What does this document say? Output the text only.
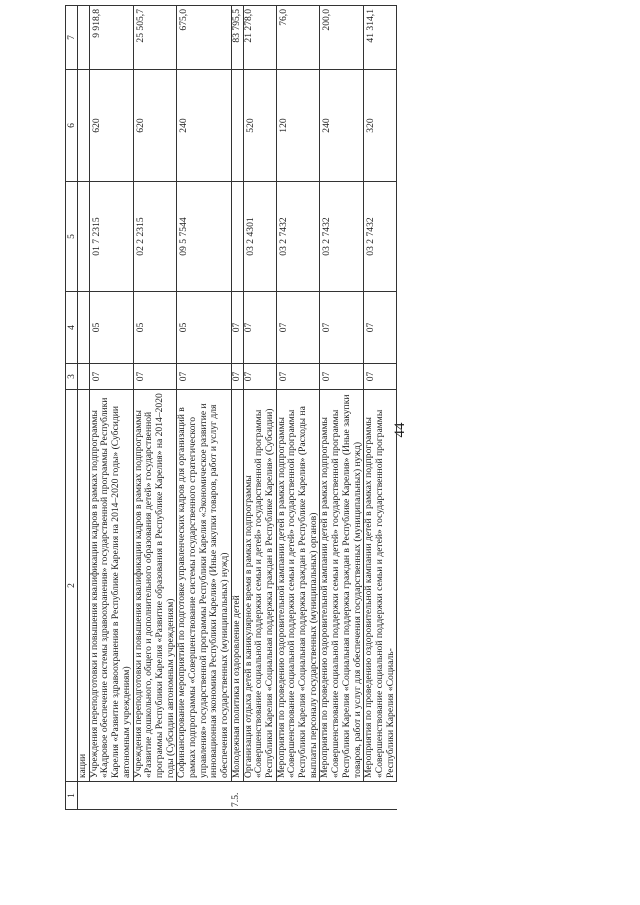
44
1	2	3	4	5	6	7
	кации					
	Учреждения переподготовки и повышения квалификации кадров в рамках подпрограммы «Кадровое обеспечение системы здравоохранения» государственной программы Республики Карелия «Развитие здравоохранения в Республике Карелия на 2014–2020 годы» (Субсидии автономным учреждениям)	07	05	01 7 2315	620	9 918,8
	Учреждения переподготовки и повышения квалификации кадров в рамках подпрограммы «Развитие дошкольного, общего и дополнительного образования детей» государственной программы Республики Карелия «Развитие образования в Республике Карелия» на 2014–2020 годы (Субсидии автономным учреждениям)	07	05	02 2 2315	620	25 505,7
	Софинансирование мероприятий по подготовке управленческих кадров для организаций в рамках подпрограммы «Совершенствование системы государственного стратегического управления» государственной программы Республики Карелия «Экономическое развитие и инновационная экономика Республики Карелия» (Иные закупки товаров, работ и услуг для обеспечения государственных (муниципальных) нужд)	07	05	09 5 7544	240	675,0
7.5.	Молодежная политика и оздоровление детей	07	07			83 795,5
	Организация отдыха детей в каникулярное время в рамках подпрограммы «Совершенствование социальной поддержки семьи и детей» государственной программы Республики Карелия «Социальная поддержка граждан в Республике Карелия» (Субсидии)	07	07	03 2 4301	520	21 278,0
	Мероприятия по проведению оздоровительной кампании детей в рамках подпрограммы «Совершенствование социальной поддержки семьи и детей» государственной программы Республики Карелия «Социальная поддержка граждан в Республике Карелия» (Расходы на выплаты персоналу государственных (муниципальных) органов)	07	07	03 2 7432	120	76,0
	Мероприятия по проведению оздоровительной кампании детей в рамках подпрограммы «Совершенствование социальной поддержки семьи и детей» государственной программы Республики Карелия «Социальная поддержка граждан в Республике Карелия» (Иные закупки товаров, работ и услуг для обеспечения государственных (муниципальных) нужд)	07	07	03 2 7432	240	200,0
	Мероприятия по проведению оздоровительной кампании детей в рамках подпрограммы «Совершенствование социальной поддержки семьи и детей» государственной программы Республики Карелия «Социаль-	07	07	03 2 7432	320	41 314,1
